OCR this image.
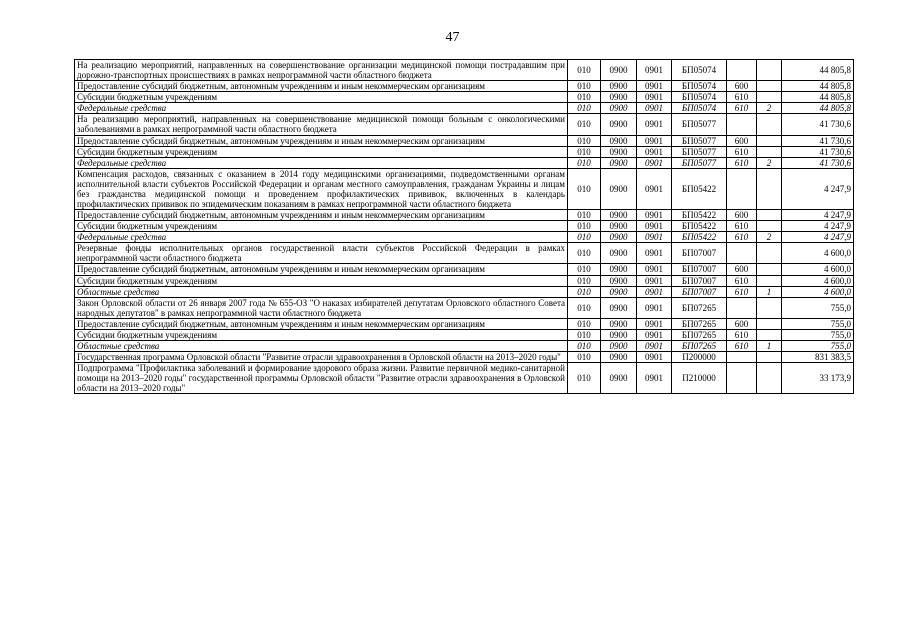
47
На реализацию мероприятий, направленных на совершенствование организации медицинской помощи пострадавшим при дорожно-транспортных происшествиях в рамках непрограммной части областного бюджета	010	0900	0901	БП05074			44 805,8
Предоставление субсидий бюджетным, автономным учреждениям и иным некоммерческим организациям	010	0900	0901	БП05074	600		44 805,8
Субсидии бюджетным учреждениям	010	0900	0901	БП05074	610		44 805,8
Федеральные средства	010	0900	0901	БП05074	610	2	44 805,8
На реализацию мероприятий, направленных на совершенствование медицинской помощи больным с онкологическими заболеваниями в рамках непрограммной части областного бюджета	010	0900	0901	БП05077			41 730,6
Предоставление субсидий бюджетным, автономным учреждениям и иным некоммерческим организациям	010	0900	0901	БП05077	600		41 730,6
Субсидии бюджетным учреждениям	010	0900	0901	БП05077	610		41 730,6
Федеральные средства	010	0900	0901	БП05077	610	2	41 730,6
Компенсация расходов, связанных с оказанием в 2014 году медицинскими организациями, подведомственными органам исполнительной власти субъектов Российской Федерации и органам местного самоуправления, гражданам Украины и лицам без гражданства медицинской помощи и проведением профилактических прививок, включенных в календарь профилактических прививок по эпидемическим показаниям в рамках непрограммной части областного бюджета	010	0900	0901	БП05422			4 247,9
Предоставление субсидий бюджетным, автономным учреждениям и иным некоммерческим организациям	010	0900	0901	БП05422	600		4 247,9
Субсидии бюджетным учреждениям	010	0900	0901	БП05422	610		4 247,9
Федеральные средства	010	0900	0901	БП05422	610	2	4 247,9
Резервные фонды исполнительных органов государственной власти субъектов Российской Федерации в рамках непрограммной части областного бюджета	010	0900	0901	БП07007			4 600,0
Предоставление субсидий бюджетным, автономным учреждениям и иным некоммерческим организациям	010	0900	0901	БП07007	600		4 600,0
Субсидии бюджетным учреждениям	010	0900	0901	БП07007	610		4 600,0
Областные средства	010	0900	0901	БП07007	610	1	4 600,0
Закон Орловской области от 26 января 2007 года № 655-ОЗ "О наказах избирателей депутатам Орловского областного Совета народных депутатов" в рамках непрограммной части областного бюджета	010	0900	0901	БП07265			755,0
Предоставление субсидий бюджетным, автономным учреждениям и иным некоммерческим организациям	010	0900	0901	БП07265	600		755,0
Субсидии бюджетным учреждениям	010	0900	0901	БП07265	610		755,0
Областные средства	010	0900	0901	БП07265	610	1	755,0
Государственная программа Орловской области "Развитие отрасли здравоохранения в Орловской области на 2013–2020 годы"	010	0900	0901	П200000			831 383,5
Подпрограмма "Профилактика заболеваний и формирование здорового образа жизни. Развитие первичной медико-санитарной помощи на 2013–2020 годы" государственной программы Орловской области "Развитие отрасли здравоохранения в Орловской области на 2013–2020 годы"	010	0900	0901	П210000			33 173,9
